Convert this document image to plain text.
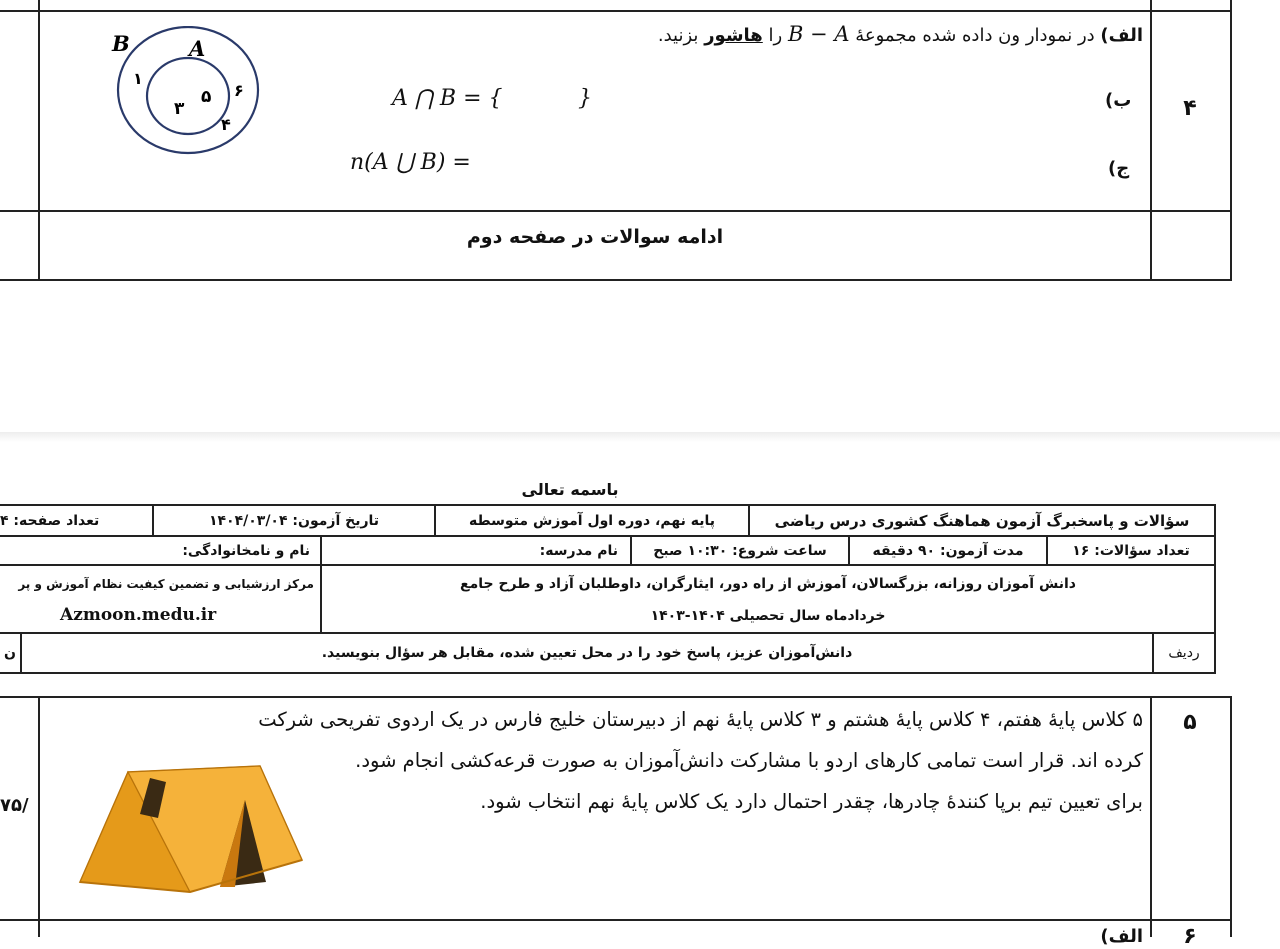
۴
الف) در نمودار ون داده شده مجموعهٔ B − A را هاشور بزنید.
ب)
A ⋂ B = {	}
ج)
n(A ⋃ B) =
B	A
۱
۳
۵ ۶
۴
ادامه سوالات در صفحه دوم
باسمه تعالی
سؤالات و پاسخبرگ آزمون هماهنگ کشوری درس ریاضی
پایه نهم، دوره اول آموزش متوسطه
تاریخ آزمون: ۱۴۰۴/۰۳/۰۴
تعداد صفحه: ۴
تعداد سؤالات: ۱۶
مدت آزمون: ۹۰ دقیقه
ساعت شروع: ۱۰:۳۰ صبح
نام مدرسه:
نام و نامخانوادگی:
دانش آموزان روزانه، بزرگسالان، آموزش از راه دور، ایثارگران، داوطلبان آزاد و طرح جامع
خردادماه سال تحصیلی ۱۴۰۴-۱۴۰۳
مرکز ارزشیابی و تضمین کیفیت نظام آموزش و پر
Azmoon.medu.ir
ردیف
دانش‌آموزان عزیز، پاسخ خود را در محل تعیین شده، مقابل هر سؤال بنویسید.
ن
۵
۵ کلاس پایهٔ هفتم، ۴ کلاس پایهٔ هشتم و ۳ کلاس پایهٔ نهم از دبیرستان خلیج فارس در یک اردوی تفریحی شرکت
کرده اند. قرار است تمامی کارهای اردو با مشارکت دانش‌آموزان به صورت قرعه‌کشی انجام شود.
برای تعیین تیم برپا کنندهٔ چادرها، چقدر احتمال دارد یک کلاس پایهٔ نهم انتخاب شود.
/۷۵
۶
الف)
